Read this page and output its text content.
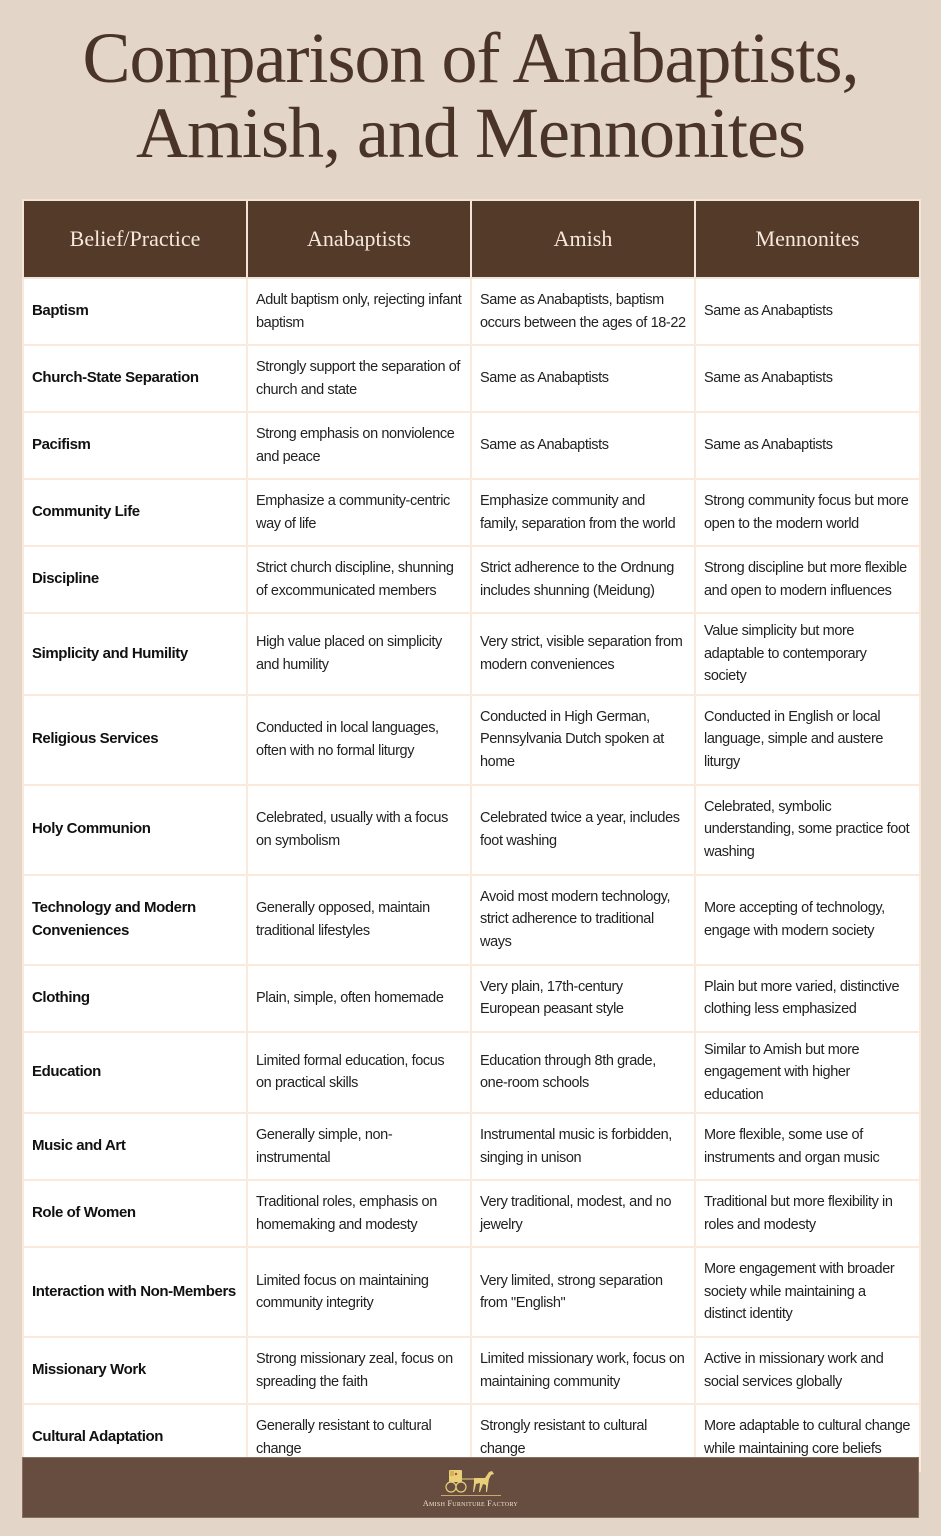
Comparison of Anabaptists,
Amish, and Mennonites
Belief/Practice	Anabaptists	Amish	Mennonites
Baptism	Adult baptism only, rejecting infant baptism	Same as Anabaptists, baptism occurs between the ages of 18-22	Same as Anabaptists
Church-State Separation	Strongly support the separation of church and state	Same as Anabaptists	Same as Anabaptists
Pacifism	Strong emphasis on nonviolence and peace	Same as Anabaptists	Same as Anabaptists
Community Life	Emphasize a community-centric way of life	Emphasize community and family, separation from the world	Strong community focus but more open to the modern world
Discipline	Strict church discipline, shunning of excommunicated members	Strict adherence to the Ordnung includes shunning (Meidung)	Strong discipline but more flexible and open to modern influences
Simplicity and Humility	High value placed on simplicity and humility	Very strict, visible separation from modern conveniences	Value simplicity but more adaptable to contemporary society
Religious Services	Conducted in local languages, often with no formal liturgy	Conducted in High German, Pennsylvania Dutch spoken at home	Conducted in English or local language, simple and austere liturgy
Holy Communion	Celebrated, usually with a focus on symbolism	Celebrated twice a year, includes foot washing	Celebrated, symbolic understanding, some practice foot washing
Technology and Modern Conveniences	Generally opposed, maintain traditional lifestyles	Avoid most modern technology, strict adherence to traditional ways	More accepting of technology, engage with modern society
Clothing	Plain, simple, often homemade	Very plain, 17th-century European peasant style	Plain but more varied, distinctive clothing less emphasized
Education	Limited formal education, focus on practical skills	Education through 8th grade, one-room schools	Similar to Amish but more engagement with higher education
Music and Art	Generally simple, non-instrumental	Instrumental music is forbidden, singing in unison	More flexible, some use of instruments and organ music
Role of Women	Traditional roles, emphasis on homemaking and modesty	Very traditional, modest, and no jewelry	Traditional but more flexibility in roles and modesty
Interaction with Non-Members	Limited focus on maintaining community integrity	Very limited, strong separation from "English"	More engagement with broader society while maintaining a distinct identity
Missionary Work	Strong missionary zeal, focus on spreading the faith	Limited missionary work, focus on maintaining community	Active in missionary work and social services globally
Cultural Adaptation	Generally resistant to cultural change	Strongly resistant to cultural change	More adaptable to cultural change while maintaining core beliefs
Amish Furniture Factory
